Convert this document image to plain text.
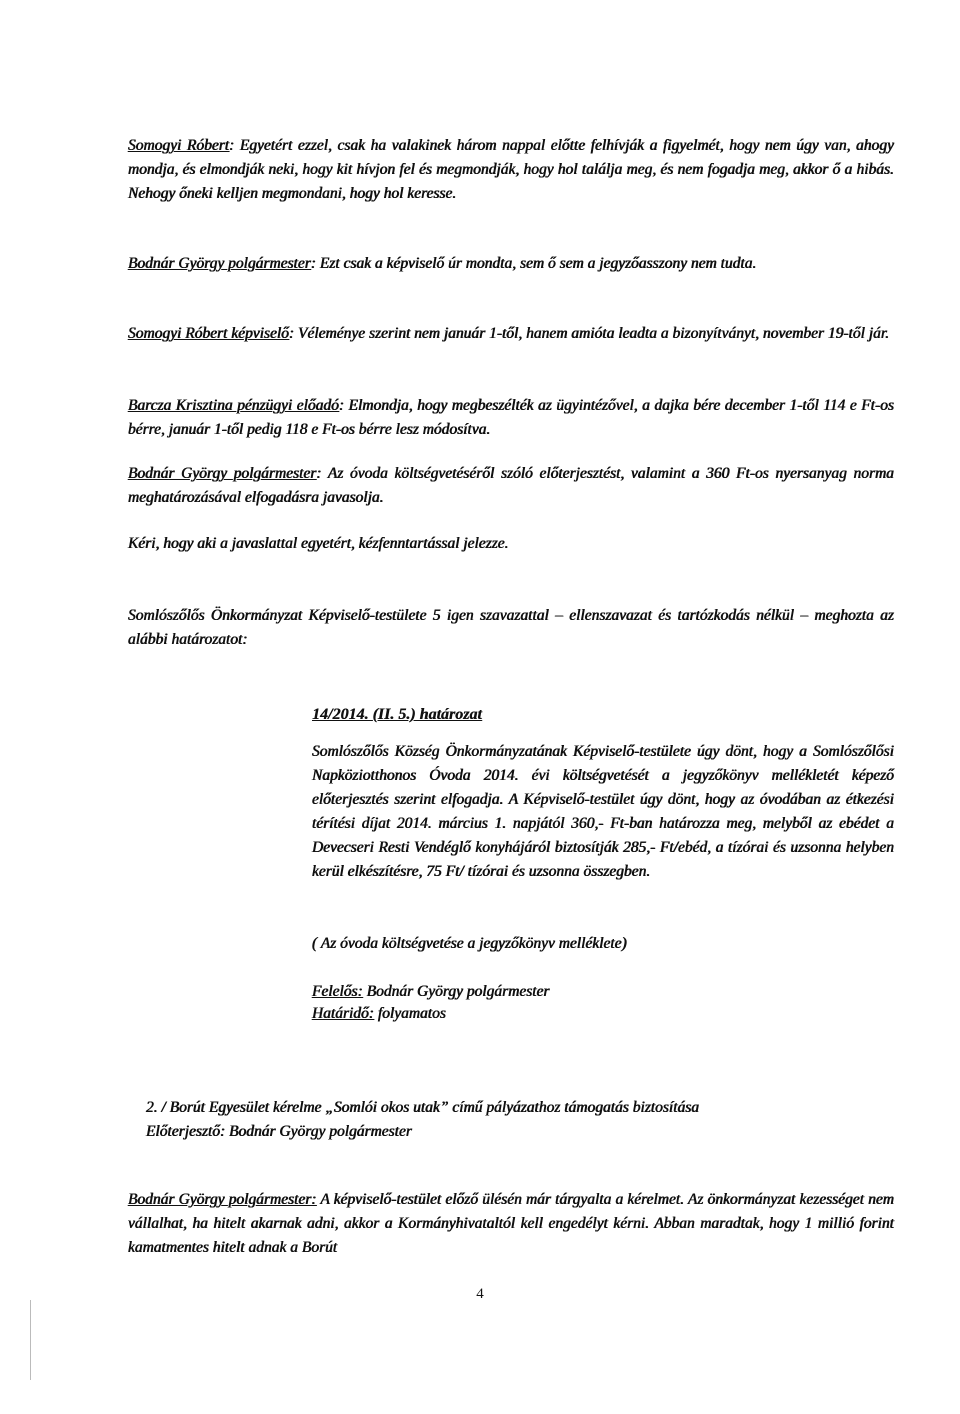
Somogyi Róbert: Egyetért ezzel, csak ha valakinek három nappal előtte felhívják a figyelmét, hogy nem úgy van, ahogy mondja, és elmondják neki, hogy kit hívjon fel és megmondják, hogy hol találja meg, és nem fogadja meg, akkor ő a hibás. Nehogy őneki kelljen megmondani, hogy hol keresse.

Bodnár György polgármester: Ezt csak a képviselő úr mondta, sem ő sem a jegyzőasszony nem tudta.

Somogyi Róbert képviselő: Véleménye szerint nem január 1-től, hanem amióta leadta a bizonyítványt, november 19-től jár.

Barcza Krisztina pénzügyi előadó: Elmondja, hogy megbeszélték az ügyintézővel, a dajka bére december 1-től 114 e Ft-os bérre, január 1-től pedig 118 e Ft-os bérre lesz módosítva.

Bodnár György polgármester: Az óvoda költségvetéséről szóló előterjesztést, valamint a 360 Ft-os nyersanyag norma meghatározásával elfogadásra javasolja.

Kéri, hogy aki a javaslattal egyetért, kézfenntartással jelezze.

Somlószőlős Önkormányzat Képviselő-testülete 5 igen szavazattal – ellenszavazat és tartózkodás nélkül – meghozta az alábbi határozatot:

14/2014. (II. 5.) határozat

Somlószőlős Község Önkormányzatának Képviselő-testülete úgy dönt, hogy a Somlószőlősi Napköziotthonos Óvoda 2014. évi költségvetését a jegyzőkönyv mellékletét képező előterjesztés szerint elfogadja. A Képviselő-testület úgy dönt, hogy az óvodában az étkezési térítési díjat 2014. március 1. napjától 360,- Ft-ban határozza meg, melyből az ebédet a Devecseri Resti Vendéglő konyhájáról biztosítják 285,- Ft/ebéd, a tízórai és uzsonna helyben kerül elkészítésre, 75 Ft/ tízórai és uzsonna összegben.

( Az óvoda költségvetése a jegyzőkönyv melléklete)

Felelős: Bodnár György polgármester

Határidő: folyamatos

2. / Borút Egyesület kérelme „Somlói okos utak” című pályázathoz támogatás biztosítása

Előterjesztő: Bodnár György polgármester

Bodnár György polgármester: A képviselő-testület előző ülésén már tárgyalta a kérelmet. Az önkormányzat kezességet nem vállalhat, ha hitelt akarnak adni, akkor a Kormányhivataltól kell engedélyt kérni. Abban maradtak, hogy 1 millió forint kamatmentes hitelt adnak a Borút

4
